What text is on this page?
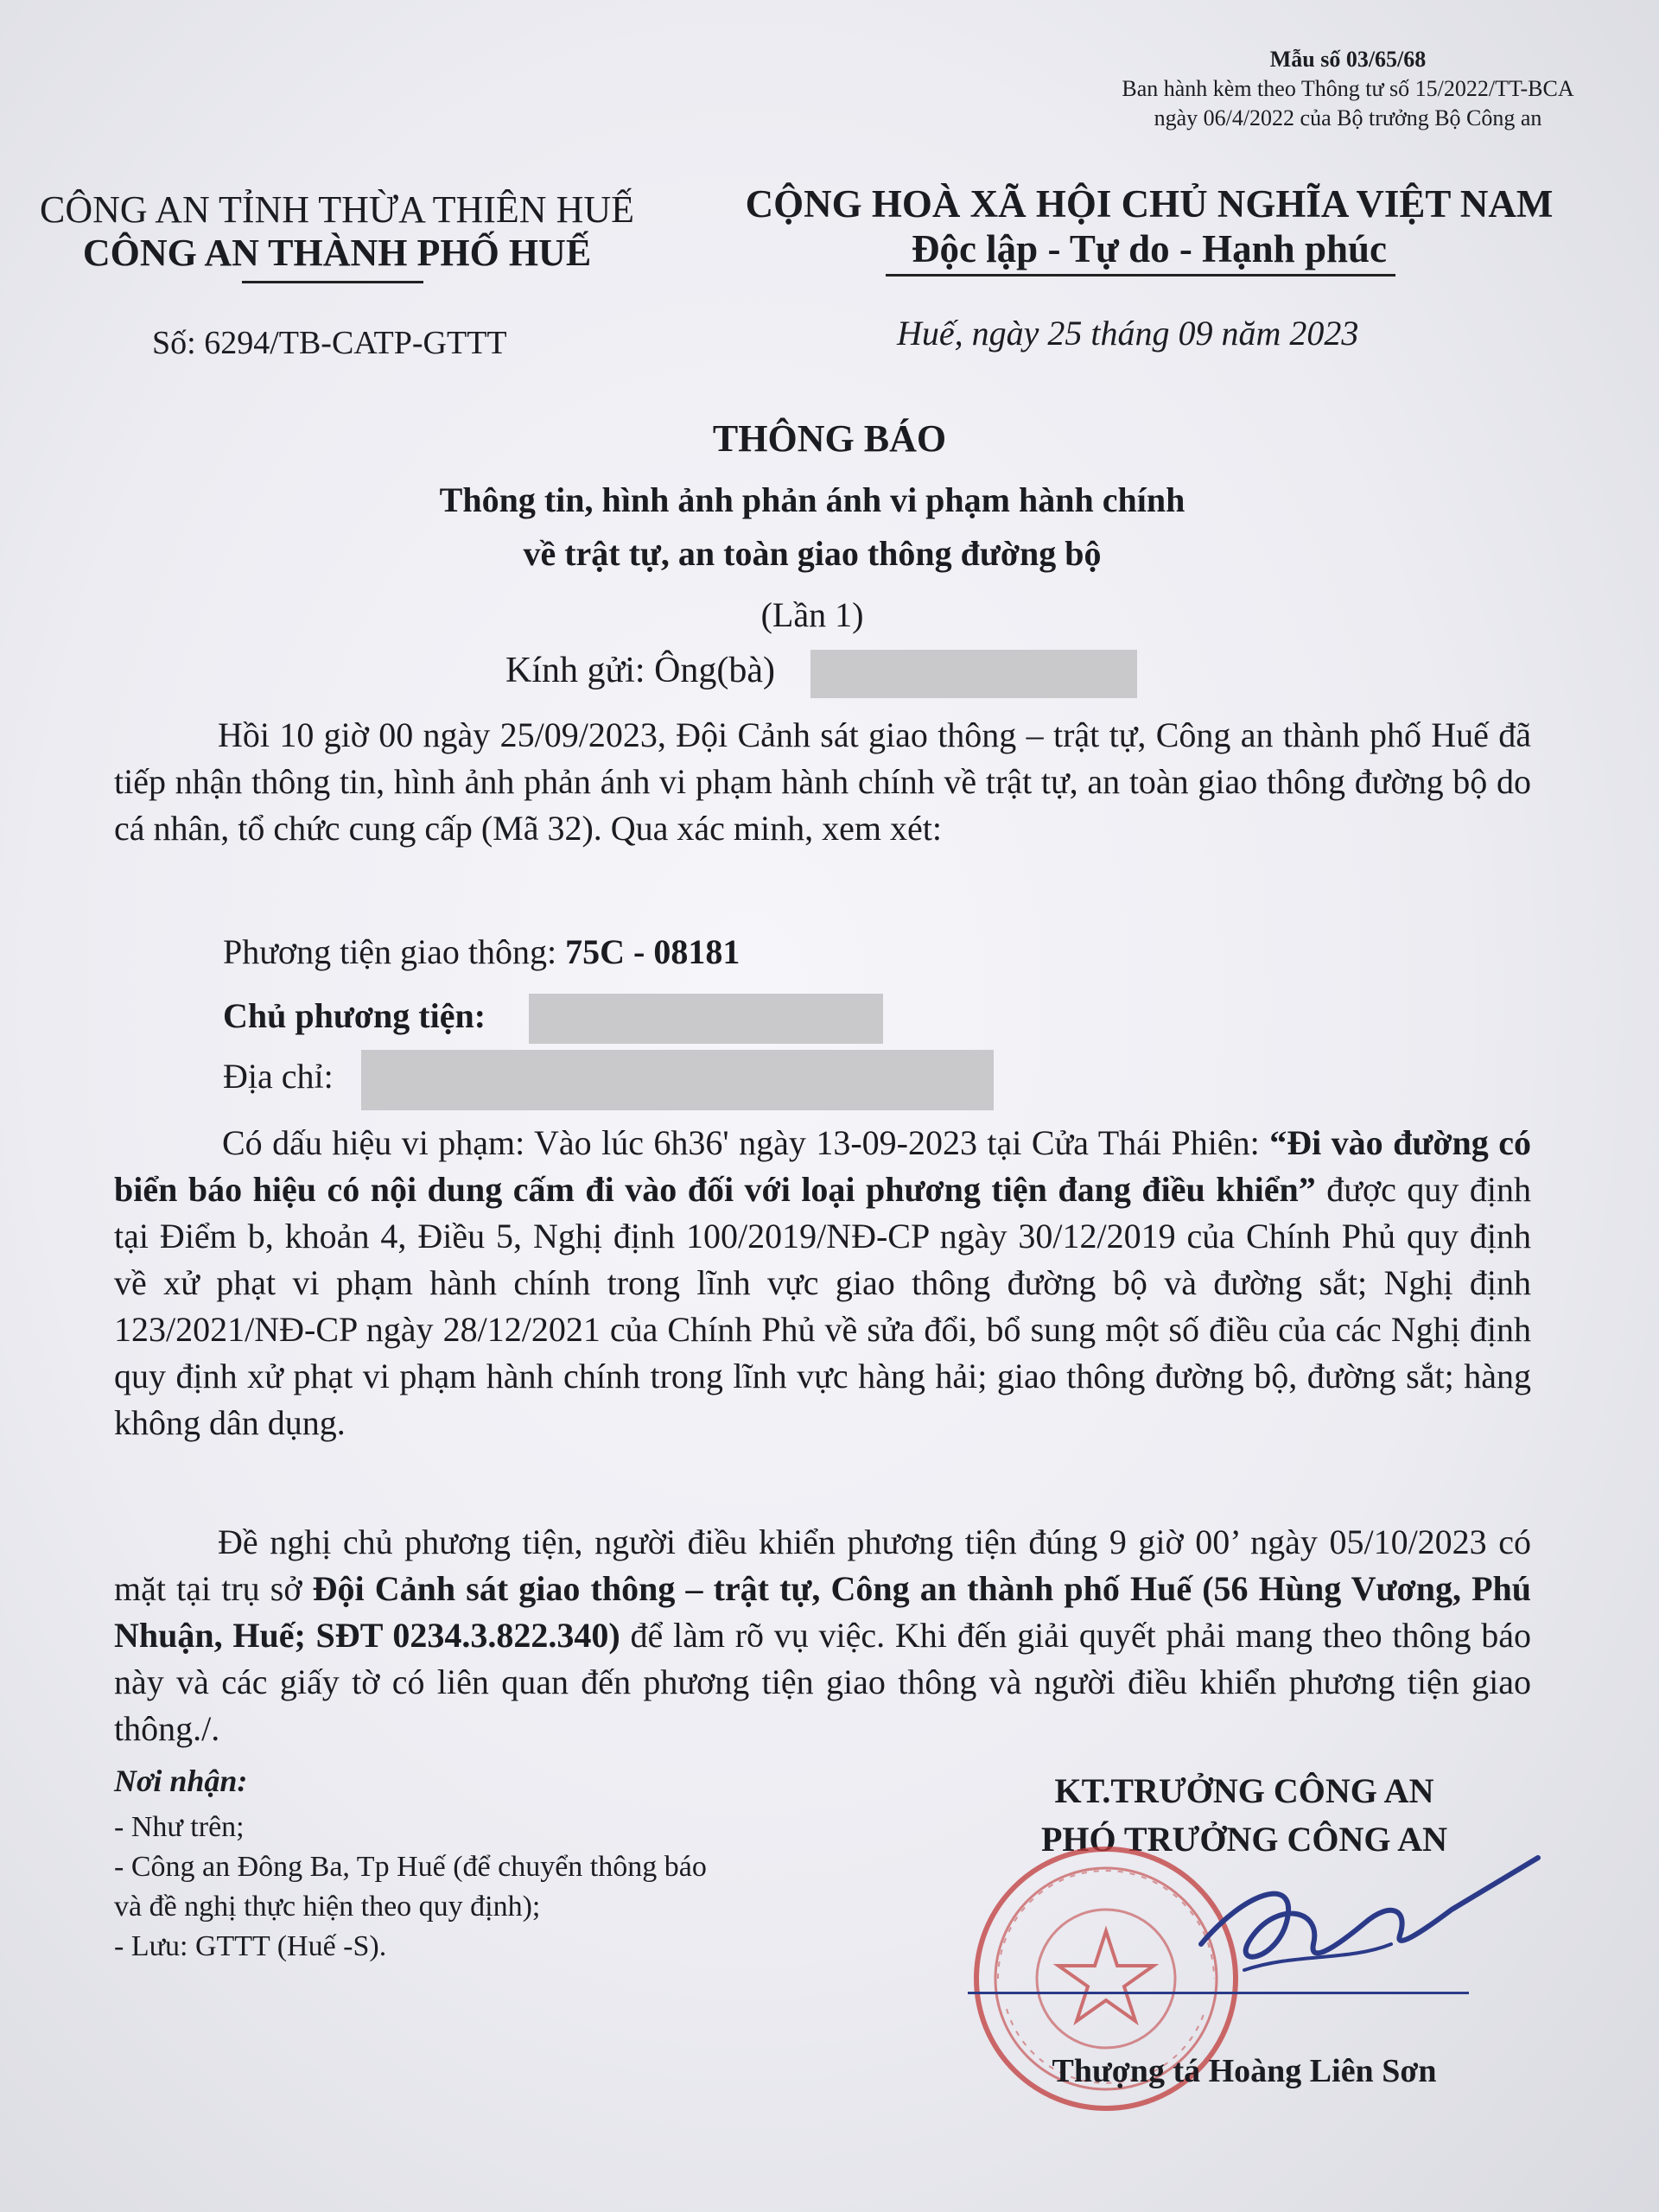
Mẫu số 03/65/68
Ban hành kèm theo Thông tư số 15/2022/TT-BCA
ngày 06/4/2022 của Bộ trưởng Bộ Công an
CÔNG AN TỈNH THỪA THIÊN HUẾ
CÔNG AN THÀNH PHỐ HUẾ
CỘNG HOÀ XÃ HỘI CHỦ NGHĨA VIỆT NAM
Độc lập - Tự do - Hạnh phúc
Số: 6294/TB-CATP-GTTT	Huế, ngày 25 tháng 09 năm 2023
THÔNG BÁO
Thông tin, hình ảnh phản ánh vi phạm hành chính
về trật tự, an toàn giao thông đường bộ
(Lần 1)
Kính gửi: Ông(bà)
Hồi 10 giờ 00 ngày 25/09/2023, Đội Cảnh sát giao thông – trật tự, Công an thành phố Huế đã tiếp nhận thông tin, hình ảnh phản ánh vi phạm hành chính về trật tự, an toàn giao thông đường bộ do cá nhân, tổ chức cung cấp (Mã 32). Qua xác minh, xem xét:
Phương tiện giao thông: 75C - 08181
Chủ phương tiện:
Địa chỉ:
Có dấu hiệu vi phạm: Vào lúc 6h36' ngày 13-09-2023 tại Cửa Thái Phiên: “Đi vào đường có biển báo hiệu có nội dung cấm đi vào đối với loại phương tiện đang điều khiển” được quy định tại Điểm b, khoản 4, Điều 5, Nghị định 100/2019/NĐ-CP ngày 30/12/2019 của Chính Phủ quy định về xử phạt vi phạm hành chính trong lĩnh vực giao thông đường bộ và đường sắt; Nghị định 123/2021/NĐ-CP ngày 28/12/2021 của Chính Phủ về sửa đổi, bổ sung một số điều của các Nghị định quy định xử phạt vi phạm hành chính trong lĩnh vực hàng hải; giao thông đường bộ, đường sắt; hàng không dân dụng.
Đề nghị chủ phương tiện, người điều khiển phương tiện đúng 9 giờ 00’ ngày 05/10/2023 có mặt tại trụ sở Đội Cảnh sát giao thông – trật tự, Công an thành phố Huế (56 Hùng Vương, Phú Nhuận, Huế; SĐT 0234.3.822.340) để làm rõ vụ việc. Khi đến giải quyết phải mang theo thông báo này và các giấy tờ có liên quan đến phương tiện giao thông và người điều khiển phương tiện giao thông./.
Nơi nhận:
- Như trên;
- Công an Đông Ba, Tp Huế (để chuyển thông báo
và đề nghị thực hiện theo quy định);
- Lưu: GTTT (Huế -S).
KT.TRƯỞNG CÔNG AN
PHÓ TRƯỞNG CÔNG AN
Thượng tá Hoàng Liên Sơn
